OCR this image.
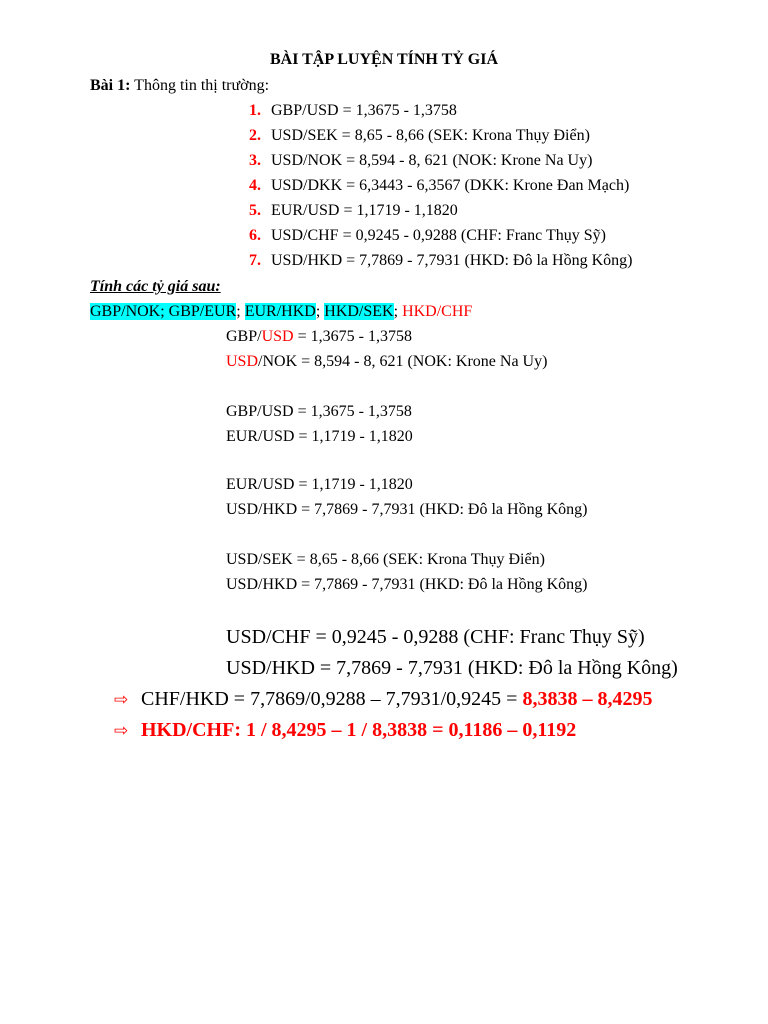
BÀI TẬP LUYỆN TÍNH TỶ GIÁ
Bài 1: Thông tin thị trường:
1. GBP/USD = 1,3675 - 1,3758
2. USD/SEK = 8,65 - 8,66 (SEK: Krona Thụy Điển)
3. USD/NOK = 8,594 - 8, 621 (NOK: Krone Na Uy)
4. USD/DKK = 6,3443 - 6,3567 (DKK: Krone Đan Mạch)
5. EUR/USD = 1,1719 - 1,1820
6. USD/CHF = 0,9245 - 0,9288 (CHF: Franc Thụy Sỹ)
7. USD/HKD = 7,7869 - 7,7931 (HKD: Đô la Hồng Kông)
Tính các tỷ giá sau:
GBP/NOK; GBP/EUR; EUR/HKD; HKD/SEK; HKD/CHF
GBP/USD = 1,3675 - 1,3758
USD/NOK = 8,594 - 8, 621 (NOK: Krone Na Uy)
GBP/USD = 1,3675 - 1,3758
EUR/USD = 1,1719 - 1,1820
EUR/USD = 1,1719 - 1,1820
USD/HKD = 7,7869 - 7,7931 (HKD: Đô la Hồng Kông)
USD/SEK = 8,65 - 8,66 (SEK: Krona Thụy Điển)
USD/HKD = 7,7869 - 7,7931 (HKD: Đô la Hồng Kông)
USD/CHF = 0,9245 - 0,9288 (CHF: Franc Thụy Sỹ)
USD/HKD = 7,7869 - 7,7931 (HKD: Đô la Hồng Kông)
⇨ CHF/HKD = 7,7869/0,9288 – 7,7931/0,9245 = 8,3838 – 8,4295
⇨ HKD/CHF: 1 / 8,4295 – 1 / 8,3838 = 0,1186 – 0,1192
